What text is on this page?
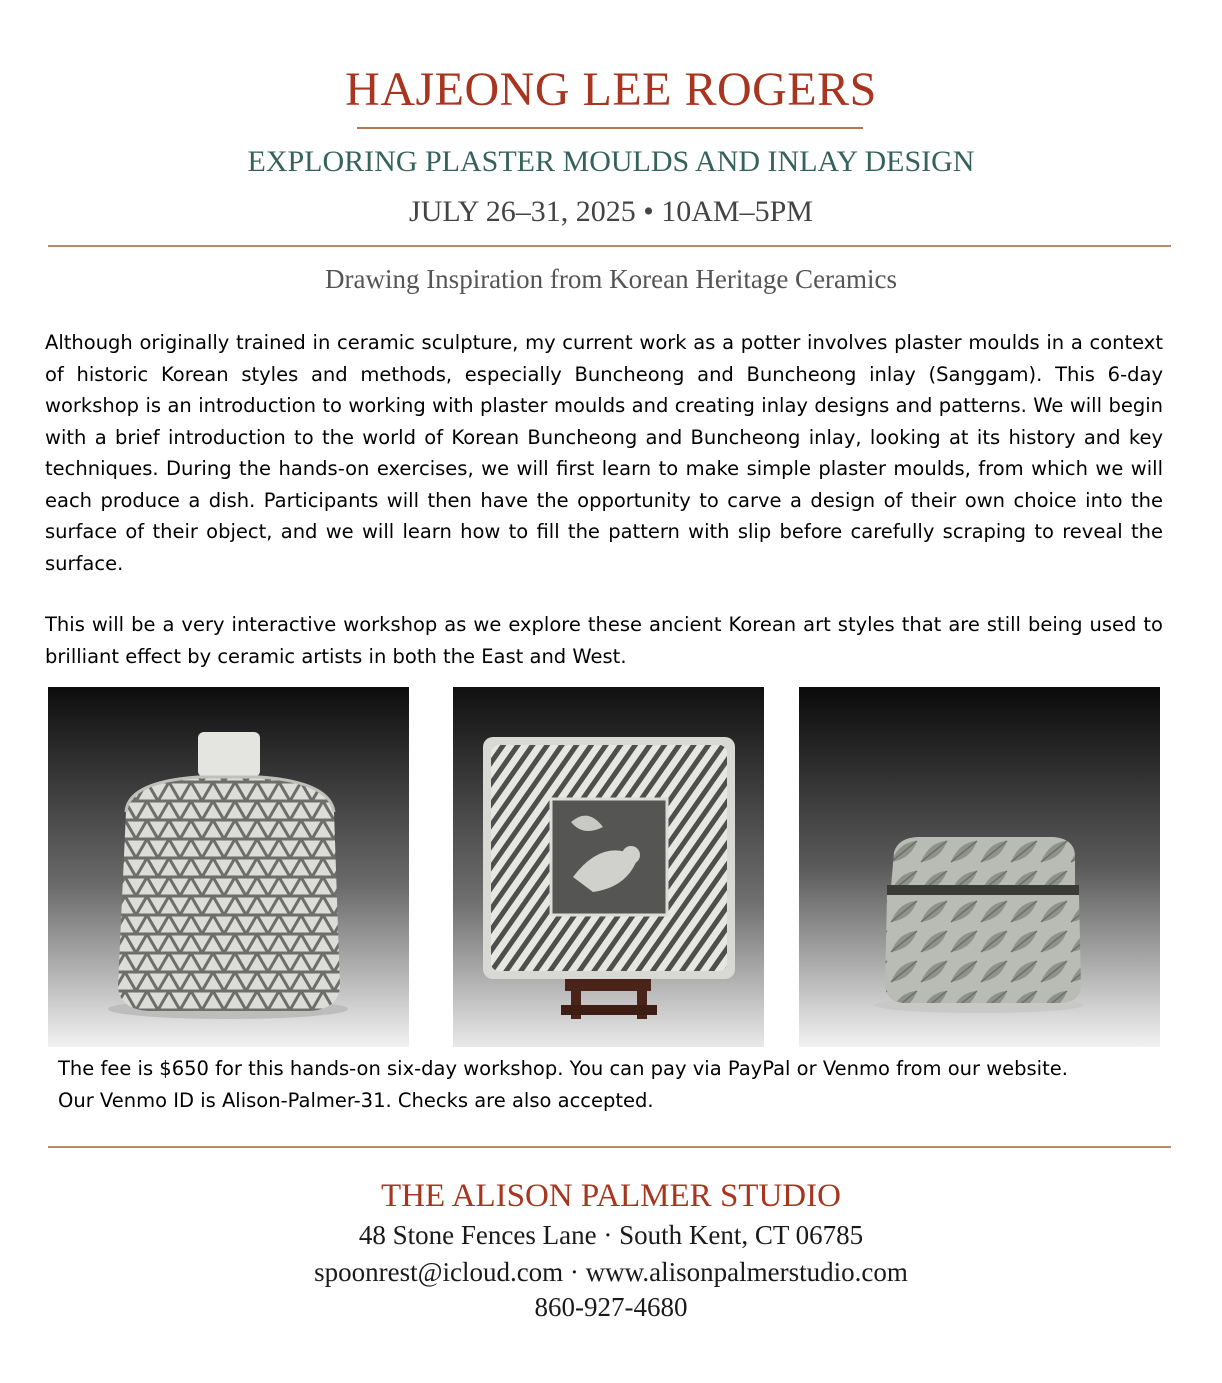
HAJEONG LEE ROGERS
EXPLORING PLASTER MOULDS AND INLAY DESIGN
JULY 26–31, 2025 • 10AM–5PM
Drawing Inspiration from Korean Heritage Ceramics

Although originally trained in ceramic sculpture, my current work as a potter involves plaster moulds in a context of historic Korean styles and methods, especially Buncheong and Buncheong inlay (Sanggam). This 6-day workshop is an introduction to working with plaster moulds and creating inlay designs and patterns. We will begin with a brief introduction to the world of Korean Buncheong and Buncheong inlay, looking at its history and key techniques. During the hands-on exercises, we will first learn to make simple plaster moulds, from which we will each produce a dish. Participants will then have the opportunity to carve a design of their own choice into the surface of their object, and we will learn how to fill the pattern with slip before carefully scraping to reveal the surface.

This will be a very interactive workshop as we explore these ancient Korean art styles that are still being used to brilliant effect by ceramic artists in both the East and West.

The fee is $650 for this hands-on six-day workshop. You can pay via PayPal or Venmo from our website.

Our Venmo ID is Alison-Palmer-31. Checks are also accepted.

THE ALISON PALMER STUDIO
48 Stone Fences Lane · South Kent, CT 06785
spoonrest@icloud.com · www.alisonpalmerstudio.com
860-927-4680
